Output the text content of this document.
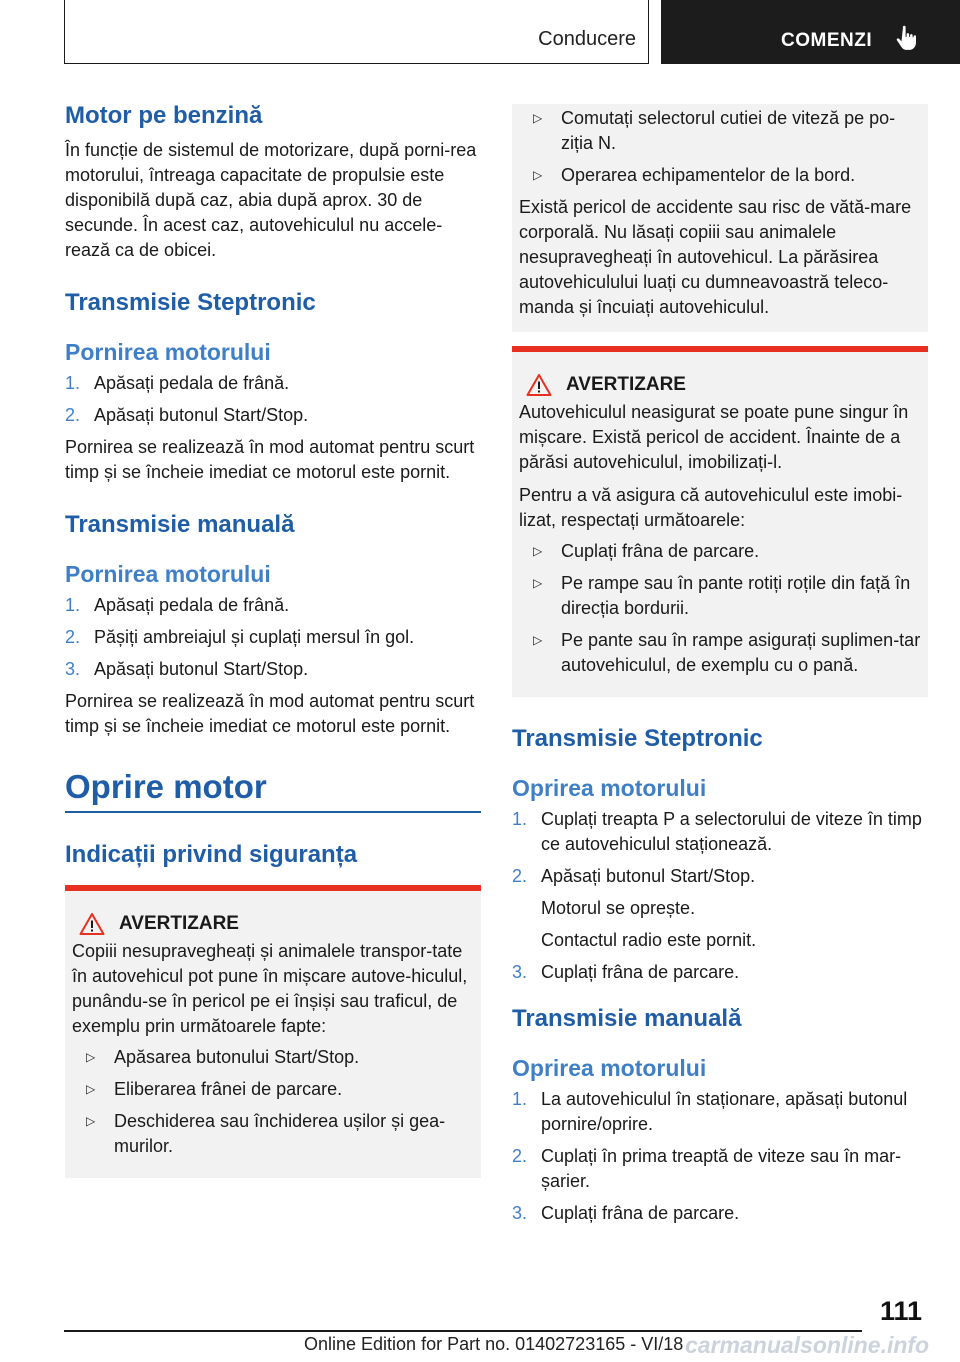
Conducere	COMENZI
Motor pe benzină
În funcție de sistemul de motorizare, după porni-rea motorului, întreaga capacitate de propulsie este disponibilă după caz, abia după aprox. 30 de secunde. În acest caz, autovehiculul nu accele-rează ca de obicei.
Transmisie Steptronic
Pornirea motorului
1. Apăsați pedala de frână.
2. Apăsați butonul Start/Stop.
Pornirea se realizează în mod automat pentru scurt timp și se încheie imediat ce motorul este pornit.
Transmisie manuală
Pornirea motorului
1. Apăsați pedala de frână.
2. Pășiți ambreiajul și cuplați mersul în gol.
3. Apăsați butonul Start/Stop.
Pornirea se realizează în mod automat pentru scurt timp și se încheie imediat ce motorul este pornit.
Oprire motor
Indicații privind siguranța
AVERTIZARE
Copiii nesupravegheați și animalele transpor-tate în autovehicul pot pune în mișcare autove-hiculul, punându-se în pericol pe ei înșiși sau traficul, de exemplu prin următoarele fapte:
▷ Apăsarea butonului Start/Stop.
▷ Eliberarea frânei de parcare.
▷ Deschiderea sau închiderea ușilor și gea-murilor.
▷ Comutați selectorul cutiei de viteză pe po-ziția N.
▷ Operarea echipamentelor de la bord.
Există pericol de accidente sau risc de vătă-mare corporală. Nu lăsați copiii sau animalele nesupravegheați în autovehicul. La părăsirea autovehiculului luați cu dumneavoastră teleco-manda și încuiați autovehiculul.
AVERTIZARE
Autovehiculul neasigurat se poate pune singur în mișcare. Există pericol de accident. Înainte de a părăsi autovehiculul, imobilizați-l.
Pentru a vă asigura că autovehiculul este imobi-lizat, respectați următoarele:
▷ Cuplați frâna de parcare.
▷ Pe rampe sau în pante rotiți roțile din față în direcția bordurii.
▷ Pe pante sau în rampe asigurați suplimen-tar autovehiculul, de exemplu cu o pană.
Transmisie Steptronic
Oprirea motorului
1. Cuplați treapta P a selectorului de viteze în timp ce autovehiculul staționează.
2. Apăsați butonul Start/Stop.
Motorul se oprește.
Contactul radio este pornit.
3. Cuplați frâna de parcare.
Transmisie manuală
Oprirea motorului
1. La autovehiculul în staționare, apăsați butonul pornire/oprire.
2. Cuplați în prima treaptă de viteze sau în mar-șarier.
3. Cuplați frâna de parcare.
111
Online Edition for Part no. 01402723165 - VI/18 carmanualsonline.info
